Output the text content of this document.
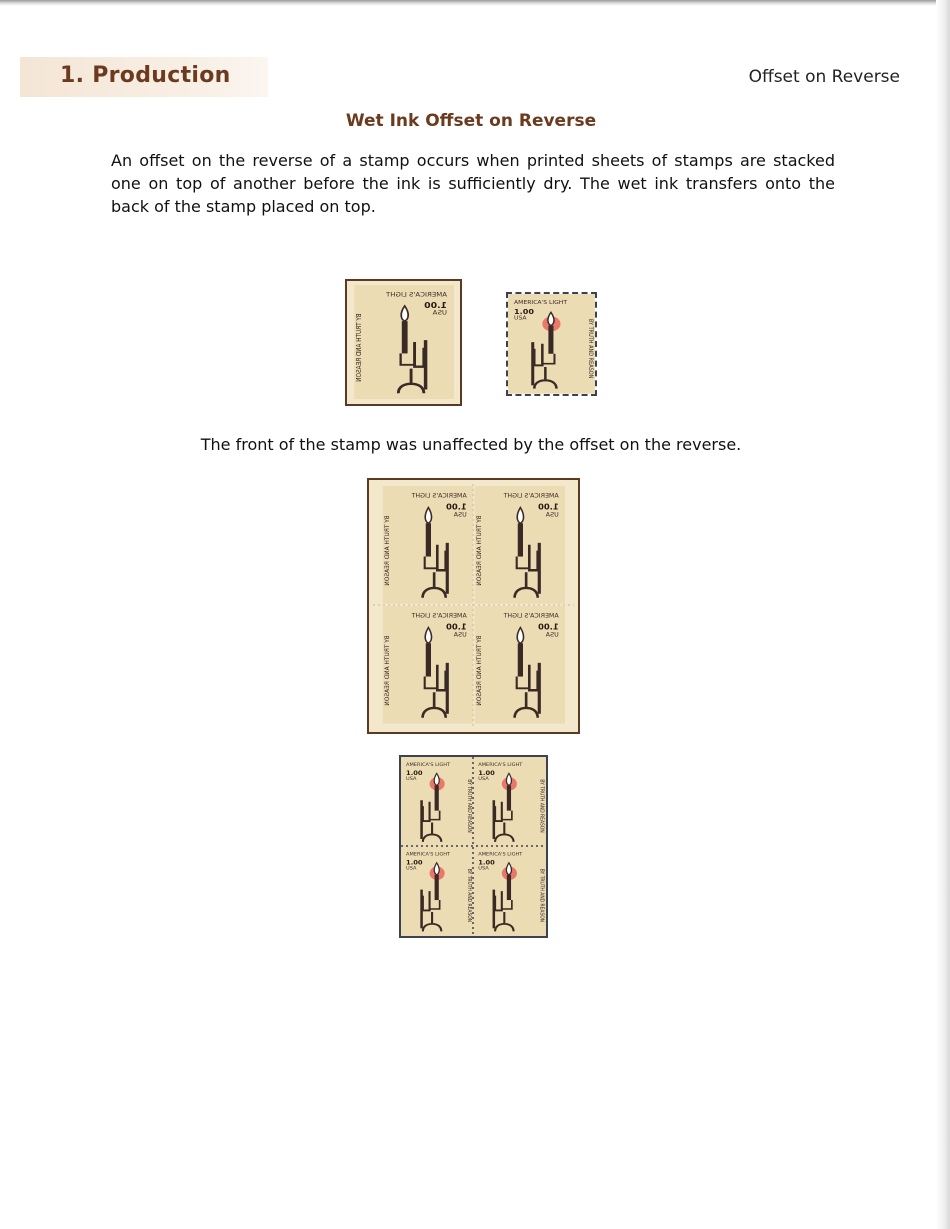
1. Production	Offset on Reverse
Wet Ink Offset on Reverse

An offset on the reverse of a stamp occurs when printed sheets of stamps are stacked one on top of another before the ink is sufficiently dry. The wet ink transfers onto the back of the stamp placed on top.

The front of the stamp was unaffected by the offset on the reverse.
